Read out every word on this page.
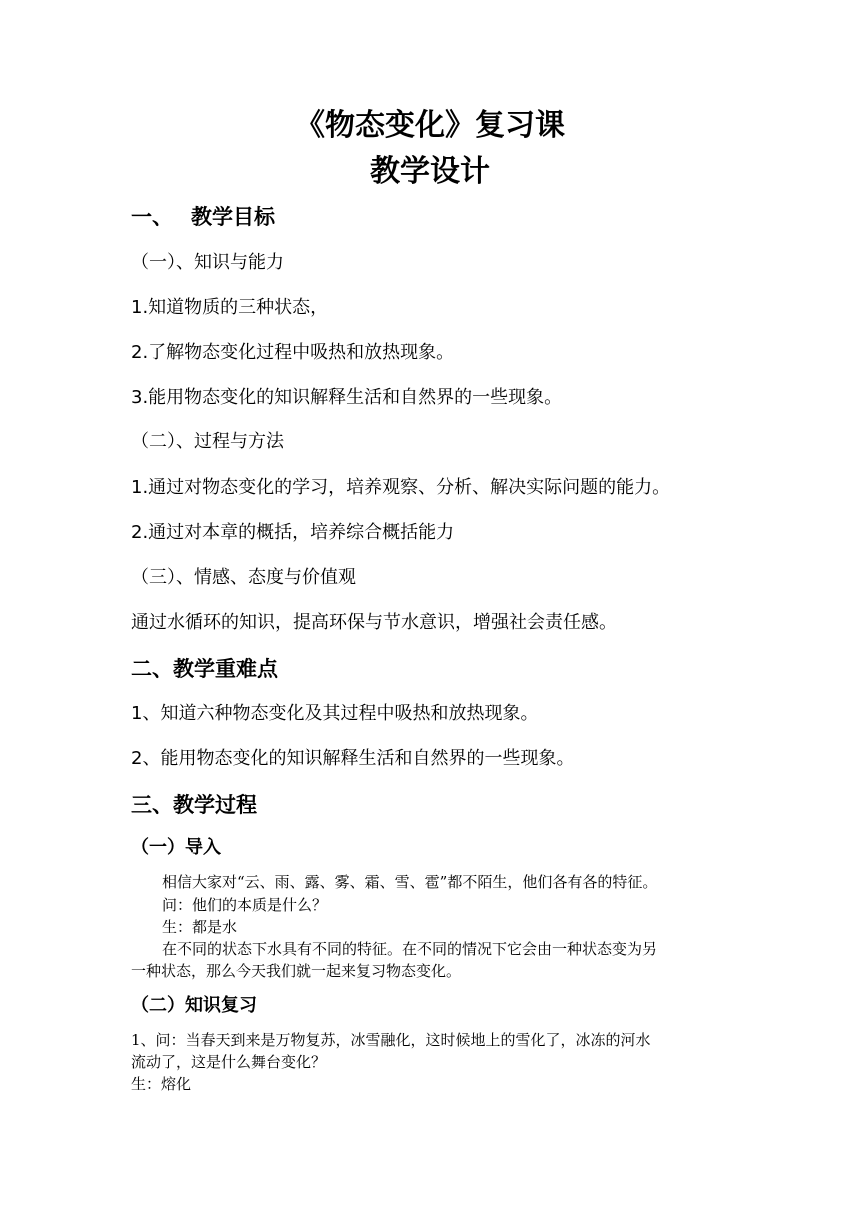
《物态变化》复习课
教学设计
一、 教学目标
（一）、知识与能力
1.知道物质的三种状态，
2.了解物态变化过程中吸热和放热现象。
3.能用物态变化的知识解释生活和自然界的一些现象。
（二）、过程与方法
1.通过对物态变化的学习，培养观察、分析、解决实际问题的能力。
2.通过对本章的概括，培养综合概括能力
（三）、情感、态度与价值观
通过水循环的知识，提高环保与节水意识，增强社会责任感。
二、教学重难点
1、知道六种物态变化及其过程中吸热和放热现象。
2、能用物态变化的知识解释生活和自然界的一些现象。
三、教学过程
（一）导入
相信大家对“云、雨、露、雾、霜、雪、雹”都不陌生，他们各有各的特征。
问：他们的本质是什么？
生：都是水
在不同的状态下水具有不同的特征。在不同的情况下它会由一种状态变为另
一种状态，那么今天我们就一起来复习物态变化。
（二）知识复习
1、问：当春天到来是万物复苏，冰雪融化，这时候地上的雪化了，冰冻的河水
流动了，这是什么舞台变化？
生：熔化
